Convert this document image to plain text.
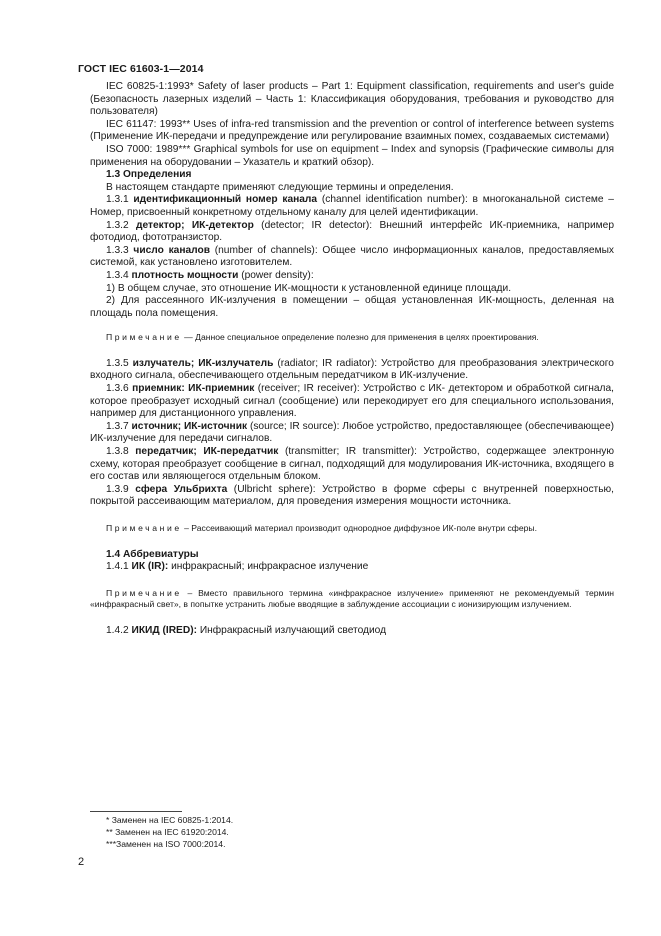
ГОСТ IEC 61603-1—2014

IEC 60825-1:1993* Safety of laser products – Part 1: Equipment classification, requirements and user's guide (Безопасность лазерных изделий – Часть 1: Классификация оборудования, требования и руководство для пользователя)

IEC 61147: 1993** Uses of infra-red transmission and the prevention or control of interference between systems (Применение ИК-передачи и предупреждение или регулирование взаимных помех, создаваемых системами)

ISO 7000: 1989*** Graphical symbols for use on equipment – Index and synopsis (Графические символы для применения на оборудовании – Указатель и краткий обзор).

1.3 Определения

В настоящем стандарте применяют следующие термины и определения.

1.3.1 идентификационный номер канала (channel identification number): в многоканальной системе – Номер, присвоенный конкретному отдельному каналу для целей идентификации.

1.3.2 детектор; ИК-детектор (detector; IR detector): Внешний интерфейс ИК-приемника, например фотодиод, фототранзистор.

1.3.3 число каналов (number of channels): Общее число информационных каналов, предоставляемых системой, как установлено изготовителем.

1.3.4 плотность мощности (power density):

1) В общем случае, это отношение ИК-мощности к установленной единице площади.

2) Для рассеянного ИК-излучения в помещении – общая установленная ИК-мощность, деленная на площадь пола помещения.

Примечание — Данное специальное определение полезно для применения в целях проектирования.

1.3.5 излучатель; ИК-излучатель (radiator; IR radiator): Устройство для преобразования электрического входного сигнала, обеспечивающего отдельным передатчиком в ИК-излучение.

1.3.6 приемник: ИК-приемник (receiver; IR receiver): Устройство с ИК- детектором и обработкой сигнала, которое преобразует исходный сигнал (сообщение) или перекодирует его для специального использования, например для дистанционного управления.

1.3.7 источник; ИК-источник (source; IR source): Любое устройство, предоставляющее (обеспечивающее) ИК-излучение для передачи сигналов.

1.3.8 передатчик; ИК-передатчик (transmitter; IR transmitter): Устройство, содержащее электронную схему, которая преобразует сообщение в сигнал, подходящий для модулирования ИК-источника, входящего в его состав или являющегося отдельным блоком.

1.3.9 сфера Ульбрихта (Ulbricht sphere): Устройство в форме сферы с внутренней поверхностью, покрытой рассеивающим материалом, для проведения измерения мощности источника.

Примечание – Рассеивающий материал производит однородное диффузное ИК-поле внутри сферы.

1.4 Аббревиатуры

1.4.1 ИК (IR): инфракрасный; инфракрасное излучение

Примечание – Вместо правильного термина «инфракрасное излучение» применяют не рекомендуемый термин «инфракрасный свет», в попытке устранить любые вводящие в заблуждение ассоциации с ионизирующим излучением.

1.4.2 ИКИД (IRED): Инфракрасный излучающий светодиод

* Заменен на IEC 60825-1:2014.
** Заменен на IEC 61920:2014.
***Заменен на ISO 7000:2014.
2
